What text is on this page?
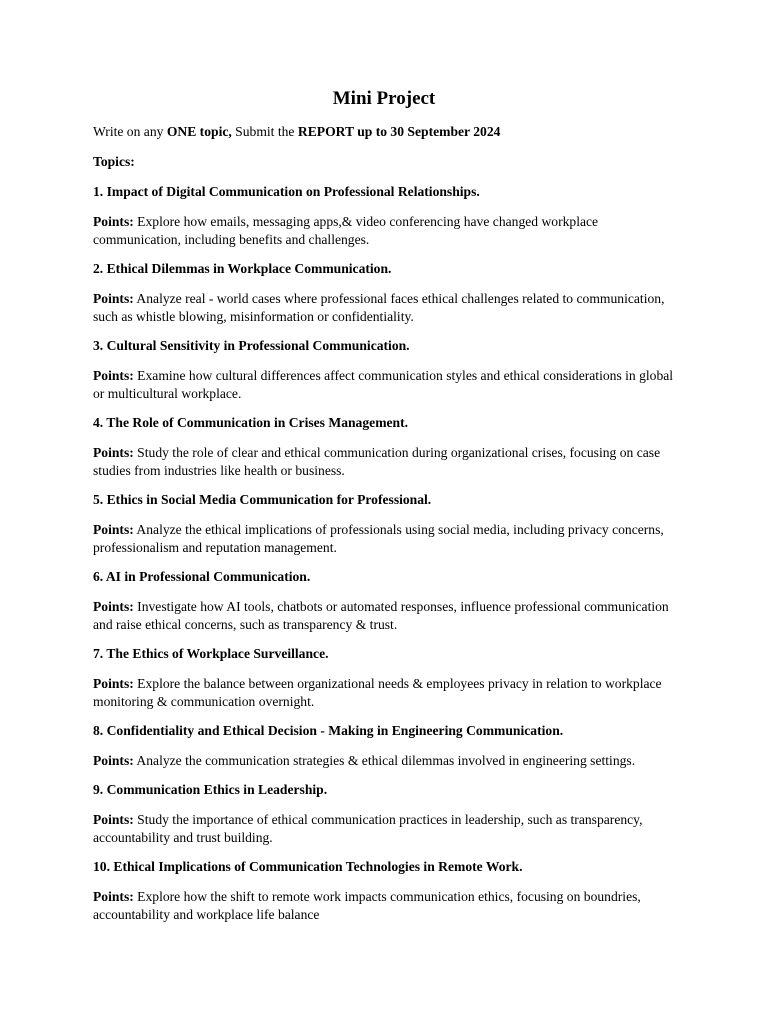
Mini Project

Write on any ONE topic, Submit the REPORT up to 30 September 2024

Topics:

1. Impact of Digital Communication on Professional Relationships.

Points: Explore how emails, messaging apps,& video conferencing have changed workplace communication, including benefits and challenges.

2. Ethical Dilemmas in Workplace Communication.

Points: Analyze real - world cases where professional faces ethical challenges related to communication, such as whistle blowing, misinformation or confidentiality.

3. Cultural Sensitivity in Professional Communication.

Points: Examine how cultural differences affect communication styles and ethical considerations in global or multicultural workplace.

4. The Role of Communication in Crises Management.

Points: Study the role of clear and ethical communication during organizational crises, focusing on case studies from industries like health or business.

5. Ethics in Social Media Communication for Professional.

Points: Analyze the ethical implications of professionals using social media, including privacy concerns, professionalism and reputation management.

6. AI in Professional Communication.

Points: Investigate how AI tools, chatbots or automated responses, influence professional communication and raise ethical concerns, such as transparency & trust.

7. The Ethics of Workplace Surveillance.

Points: Explore the balance between organizational needs & employees privacy in relation to workplace monitoring & communication overnight.

8. Confidentiality and Ethical Decision - Making in Engineering Communication.

Points: Analyze the communication strategies & ethical dilemmas involved in engineering settings.

9. Communication Ethics in Leadership.

Points: Study the importance of ethical communication practices in leadership, such as transparency, accountability and trust building.

10. Ethical Implications of Communication Technologies in Remote Work.

Points: Explore how the shift to remote work impacts communication ethics, focusing on boundries, accountability and workplace life balance
